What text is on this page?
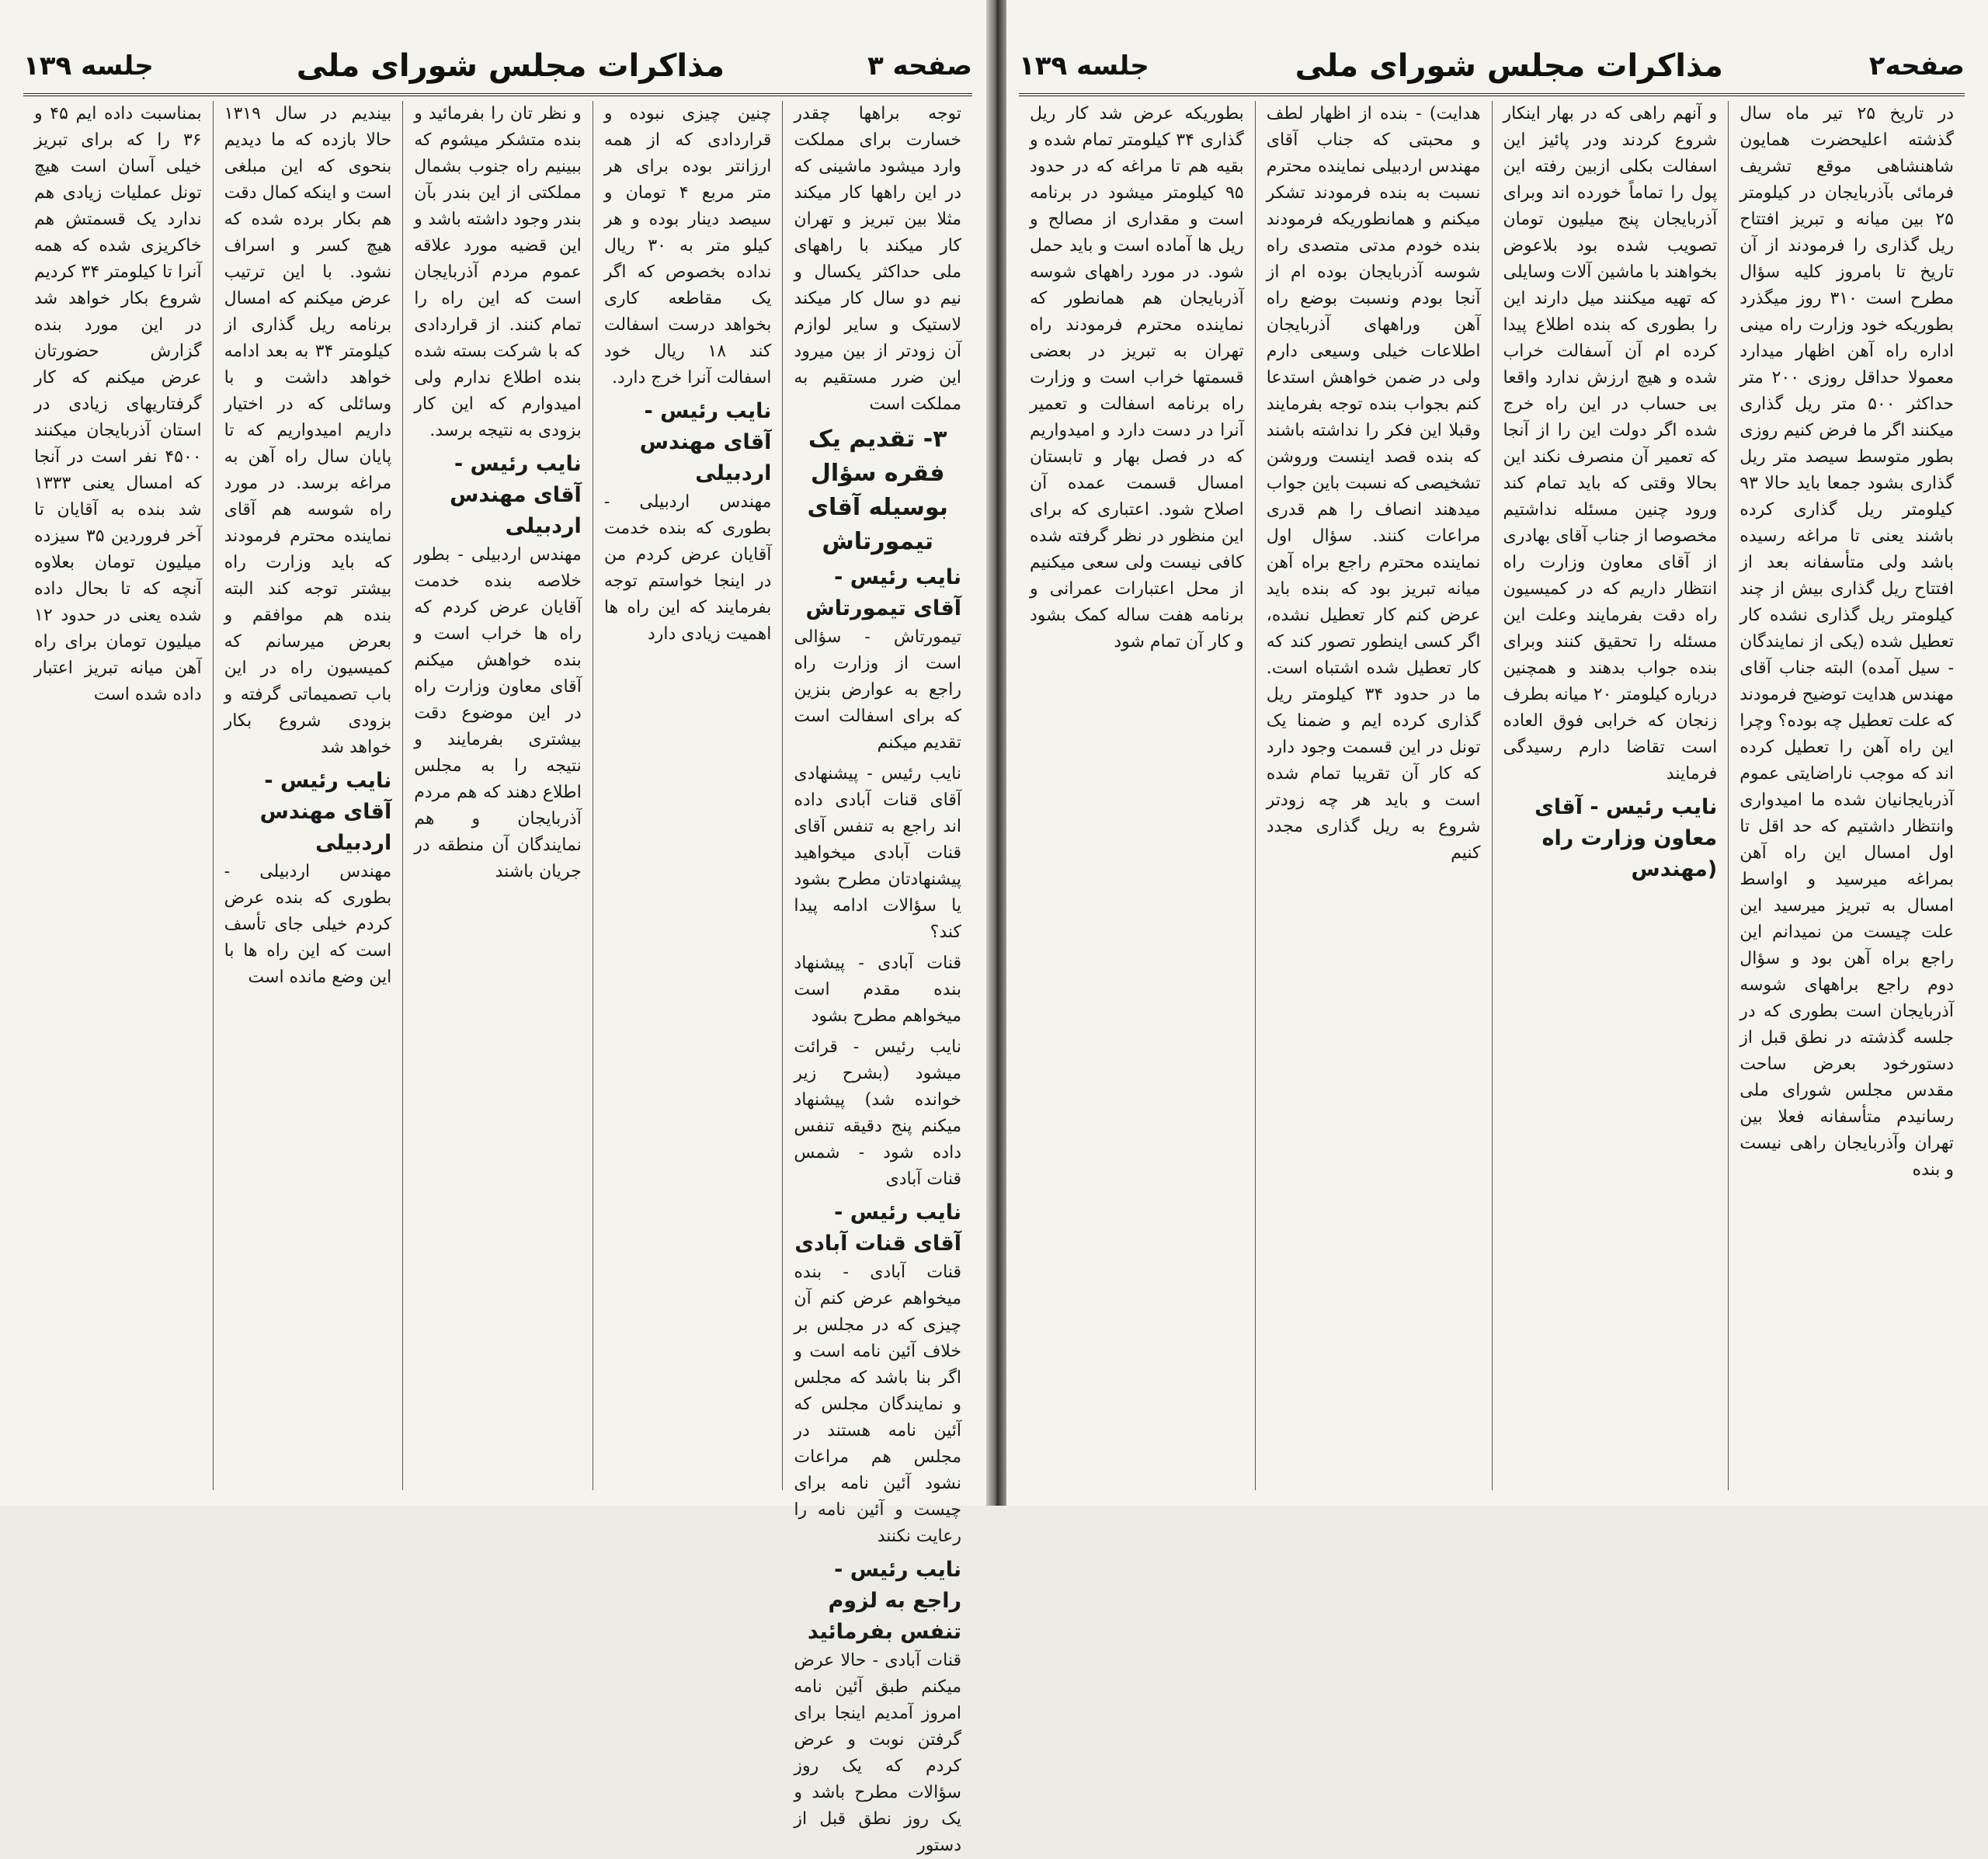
صفحه ۳
مذاکرات مجلس شورای ملی
جلسه ۱۳۹

توجه براهها چقدر خسارت برای مملکت وارد میشود ماشینی که در این راهها کار میکند مثلا بین تبریز و تهران کار میکند با راههای ملی حداکثر یکسال و نیم دو سال کار میکند لاستیک و سایر لوازم آن زودتر از بین میرود این ضرر مستقیم به مملکت است

۳- تقدیم یک فقره سؤال بوسیله آقای تیمورتاش
نایب رئیس - آقای تیمورتاش

تیمورتاش - سؤالی است از وزارت راه راجع به عوارض بنزین که برای اسفالت است تقدیم میکنم

نایب رئیس - پیشنهادی آقای قنات آبادی داده اند راجع به تنفس آقای قنات آبادی میخواهید پیشنهادتان مطرح بشود یا سؤالات ادامه پیدا کند؟

قنات آبادی - پیشنهاد بنده مقدم است میخواهم مطرح بشود

نایب رئیس - قرائت میشود (بشرح زیر خوانده شد) پیشنهاد میکنم پنج دقیقه تنفس داده شود - شمس قنات آبادی

نایب رئیس - آقای قنات آبادی

قنات آبادی - بنده میخواهم عرض کنم آن چیزی که در مجلس بر خلاف آئین نامه است و اگر بنا باشد که مجلس و نمایندگان مجلس که آئین نامه هستند در مجلس هم مراعات نشود آئین نامه برای چیست و آئین نامه را رعایت نکنند

نایب رئیس - راجع به لزوم تنفس بفرمائید

قنات آبادی - حالا عرض میکنم طبق آئین نامه امروز آمدیم اینجا برای گرفتن نوبت و عرض کردم که یک روز سؤالات مطرح باشد و یک روز نطق قبل از دستور

چنین چیزی نبوده و قراردادی که از همه ارزانتر بوده برای هر متر مربع ۴ تومان و سیصد دینار بوده و هر کیلو متر به ۳۰ ریال نداده بخصوص که اگر یک مقاطعه کاری بخواهد درست اسفالت کند ۱۸ ریال خود اسفالت آنرا خرج دارد.

نایب رئیس - آقای مهندس اردبیلی

مهندس اردبیلی - بطوری که بنده خدمت آقایان عرض کردم من در اینجا خواستم توجه بفرمایند که این راه ها اهمیت زیادی دارد

و نظر تان را بفرمائید و بنده متشکر میشوم که ببینیم راه جنوب بشمال مملکتی از این بندر بآن بندر وجود داشته باشد و این قضیه مورد علاقه عموم مردم آذربایجان است که این راه را تمام کنند. از قراردادی که با شرکت بسته شده بنده اطلاع ندارم ولی امیدوارم که این کار بزودی به نتیجه برسد.

نایب رئیس - آقای مهندس اردبیلی

مهندس اردبیلی - بطور خلاصه بنده خدمت آقایان عرض کردم که راه ها خراب است و بنده خواهش میکنم آقای معاون وزارت راه در این موضوع دقت بیشتری بفرمایند و نتیجه را به مجلس اطلاع دهند که هم مردم آذربایجان و هم نمایندگان آن منطقه در جریان باشند

بیندیم در سال ۱۳۱۹ حالا بازده که ما دیدیم بنحوی که این مبلغی است و اینکه کمال دقت هم بکار برده شده که هیچ کسر و اسراف نشود. با این ترتیب عرض میکنم که امسال برنامه ریل گذاری از کیلومتر ۳۴ به بعد ادامه خواهد داشت و با وسائلی که در اختیار داریم امیدواریم که تا پایان سال راه آهن به مراغه برسد. در مورد راه شوسه هم آقای نماینده محترم فرمودند که باید وزارت راه بیشتر توجه کند البته بنده هم موافقم و بعرض میرسانم که کمیسیون راه در این باب تصمیماتی گرفته و بزودی شروع بکار خواهد شد

نایب رئیس - آقای مهندس اردبیلی

مهندس اردبیلی - بطوری که بنده عرض کردم خیلی جای تأسف است که این راه ها با این وضع مانده است

بمناسبت داده ایم ۴۵ و ۳۶ را که برای تبریز خیلی آسان است هیچ تونل عملیات زیادی هم ندارد یک قسمتش هم خاکریزی شده که همه آنرا تا کیلومتر ۳۴ کردیم شروع بکار خواهد شد در این مورد بنده گزارش حضورتان عرض میکنم که کار گرفتاریهای زیادی در استان آذربایجان میکنند ۴۵۰۰ نفر است در آنجا که امسال یعنی ۱۳۳۳ شد بنده به آقایان تا آخر فروردین ۳۵ سیزده میلیون تومان بعلاوه آنچه که تا بحال داده شده یعنی در حدود ۱۲ میلیون تومان برای راه آهن میانه تبریز اعتبار داده شده است

صفحه۲
مذاکرات مجلس شورای ملی
جلسه ۱۳۹

در تاریخ ۲۵ تیر ماه سال گذشته اعلیحضرت همایون شاهنشاهی موقع تشریف فرمائی بآذربایجان در کیلومتر ۲۵ بین میانه و تبریز افتتاح ریل گذاری را فرمودند از آن تاریخ تا بامروز کلیه سؤال مطرح است ۳۱۰ روز میگذرد بطوریکه خود وزارت راه مینی اداره راه آهن اظهار میدارد معمولا حداقل روزی ۲۰۰ متر حداکثر ۵۰۰ متر ریل گذاری میکنند اگر ما فرض کنیم روزی بطور متوسط سیصد متر ریل گذاری بشود جمعا باید حالا ۹۳ کیلومتر ریل گذاری کرده باشند یعنی تا مراغه رسیده باشد ولی متأسفانه بعد از افتتاح ریل گذاری بیش از چند کیلومتر ریل گذاری نشده کار تعطیل شده (یکی از نمایندگان - سیل آمده) البته جناب آقای مهندس هدایت توضیح فرمودند که علت تعطیل چه بوده؟ وچرا این راه آهن را تعطیل کرده اند که موجب ناراضایتی عموم آذربایجانیان شده ما امیدواری وانتظار داشتیم که حد اقل تا اول امسال این راه آهن بمراغه میرسید و اواسط امسال به تبریز میرسید این علت چیست من نمیدانم این راجع براه آهن بود و سؤال دوم راجع براههای شوسه آذربایجان است بطوری که در جلسه گذشته در نطق قبل از دستورخود بعرض ساحت مقدس مجلس شورای ملی رسانیدم متأسفانه فعلا بین تهران وآذربایجان راهی نیست و بنده

و آنهم راهی که در بهار اینکار شروع کردند ودر پائیز این اسفالت بکلی ازبین رفته این پول را تماماً خورده اند وبرای آذربایجان پنج میلیون تومان تصویب شده بود بلاعوض بخواهند با ماشین آلات وسایلی که تهیه میکنند میل دارند این را بطوری که بنده اطلاع پیدا کرده ام آن آسفالت خراب شده و هیچ ارزش ندارد واقعا بی حساب در این راه خرج شده اگر دولت این را از آنجا که تعمیر آن منصرف نکند این بحالا وقتی که باید تمام کند ورود چنین مسئله نداشتیم مخصوصا از جناب آقای بهادری از آقای معاون وزارت راه انتظار داریم که در کمیسیون راه دقت بفرمایند وعلت این مسئله را تحقیق کنند وبرای بنده جواب بدهند و همچنین درباره کیلومتر ۲۰ میانه بطرف زنجان که خرابی فوق العاده است تقاضا دارم رسیدگی فرمایند

نایب رئیس - آقای معاون وزارت راه (مهندس

هدایت) - بنده از اظهار لطف و محبتی که جناب آقای مهندس اردبیلی نماینده محترم نسبت به بنده فرمودند تشکر میکنم و همانطوریکه فرمودند بنده خودم مدتی متصدی راه شوسه آذربایجان بوده ام از آنجا بودم ونسبت بوضع راه آهن وراههای آذربایجان اطلاعات خیلی وسیعی دارم ولی در ضمن خواهش استدعا کنم بجواب بنده توجه بفرمایند وقبلا این فکر را نداشته باشند که بنده قصد اینست وروشن تشخیصی که نسبت باین جواب میدهند انصاف را هم قدری مراعات کنند. سؤال اول نماینده محترم راجع براه آهن میانه تبریز بود که بنده باید عرض کنم کار تعطیل نشده، اگر کسی اینطور تصور کند که کار تعطیل شده اشتباه است. ما در حدود ۳۴ کیلومتر ریل گذاری کرده ایم و ضمنا یک تونل در این قسمت وجود دارد که کار آن تقریبا تمام شده است و باید هر چه زودتر شروع به ریل گذاری مجدد کنیم

بطوریکه عرض شد کار ریل گذاری ۳۴ کیلومتر تمام شده و بقیه هم تا مراغه که در حدود ۹۵ کیلومتر میشود در برنامه است و مقداری از مصالح و ریل ها آماده است و باید حمل شود. در مورد راههای شوسه آذربایجان هم همانطور که نماینده محترم فرمودند راه تهران به تبریز در بعضی قسمتها خراب است و وزارت راه برنامه اسفالت و تعمیر آنرا در دست دارد و امیدواریم که در فصل بهار و تابستان امسال قسمت عمده آن اصلاح شود. اعتباری که برای این منظور در نظر گرفته شده کافی نیست ولی سعی میکنیم از محل اعتبارات عمرانی و برنامه هفت ساله کمک بشود و کار آن تمام شود
